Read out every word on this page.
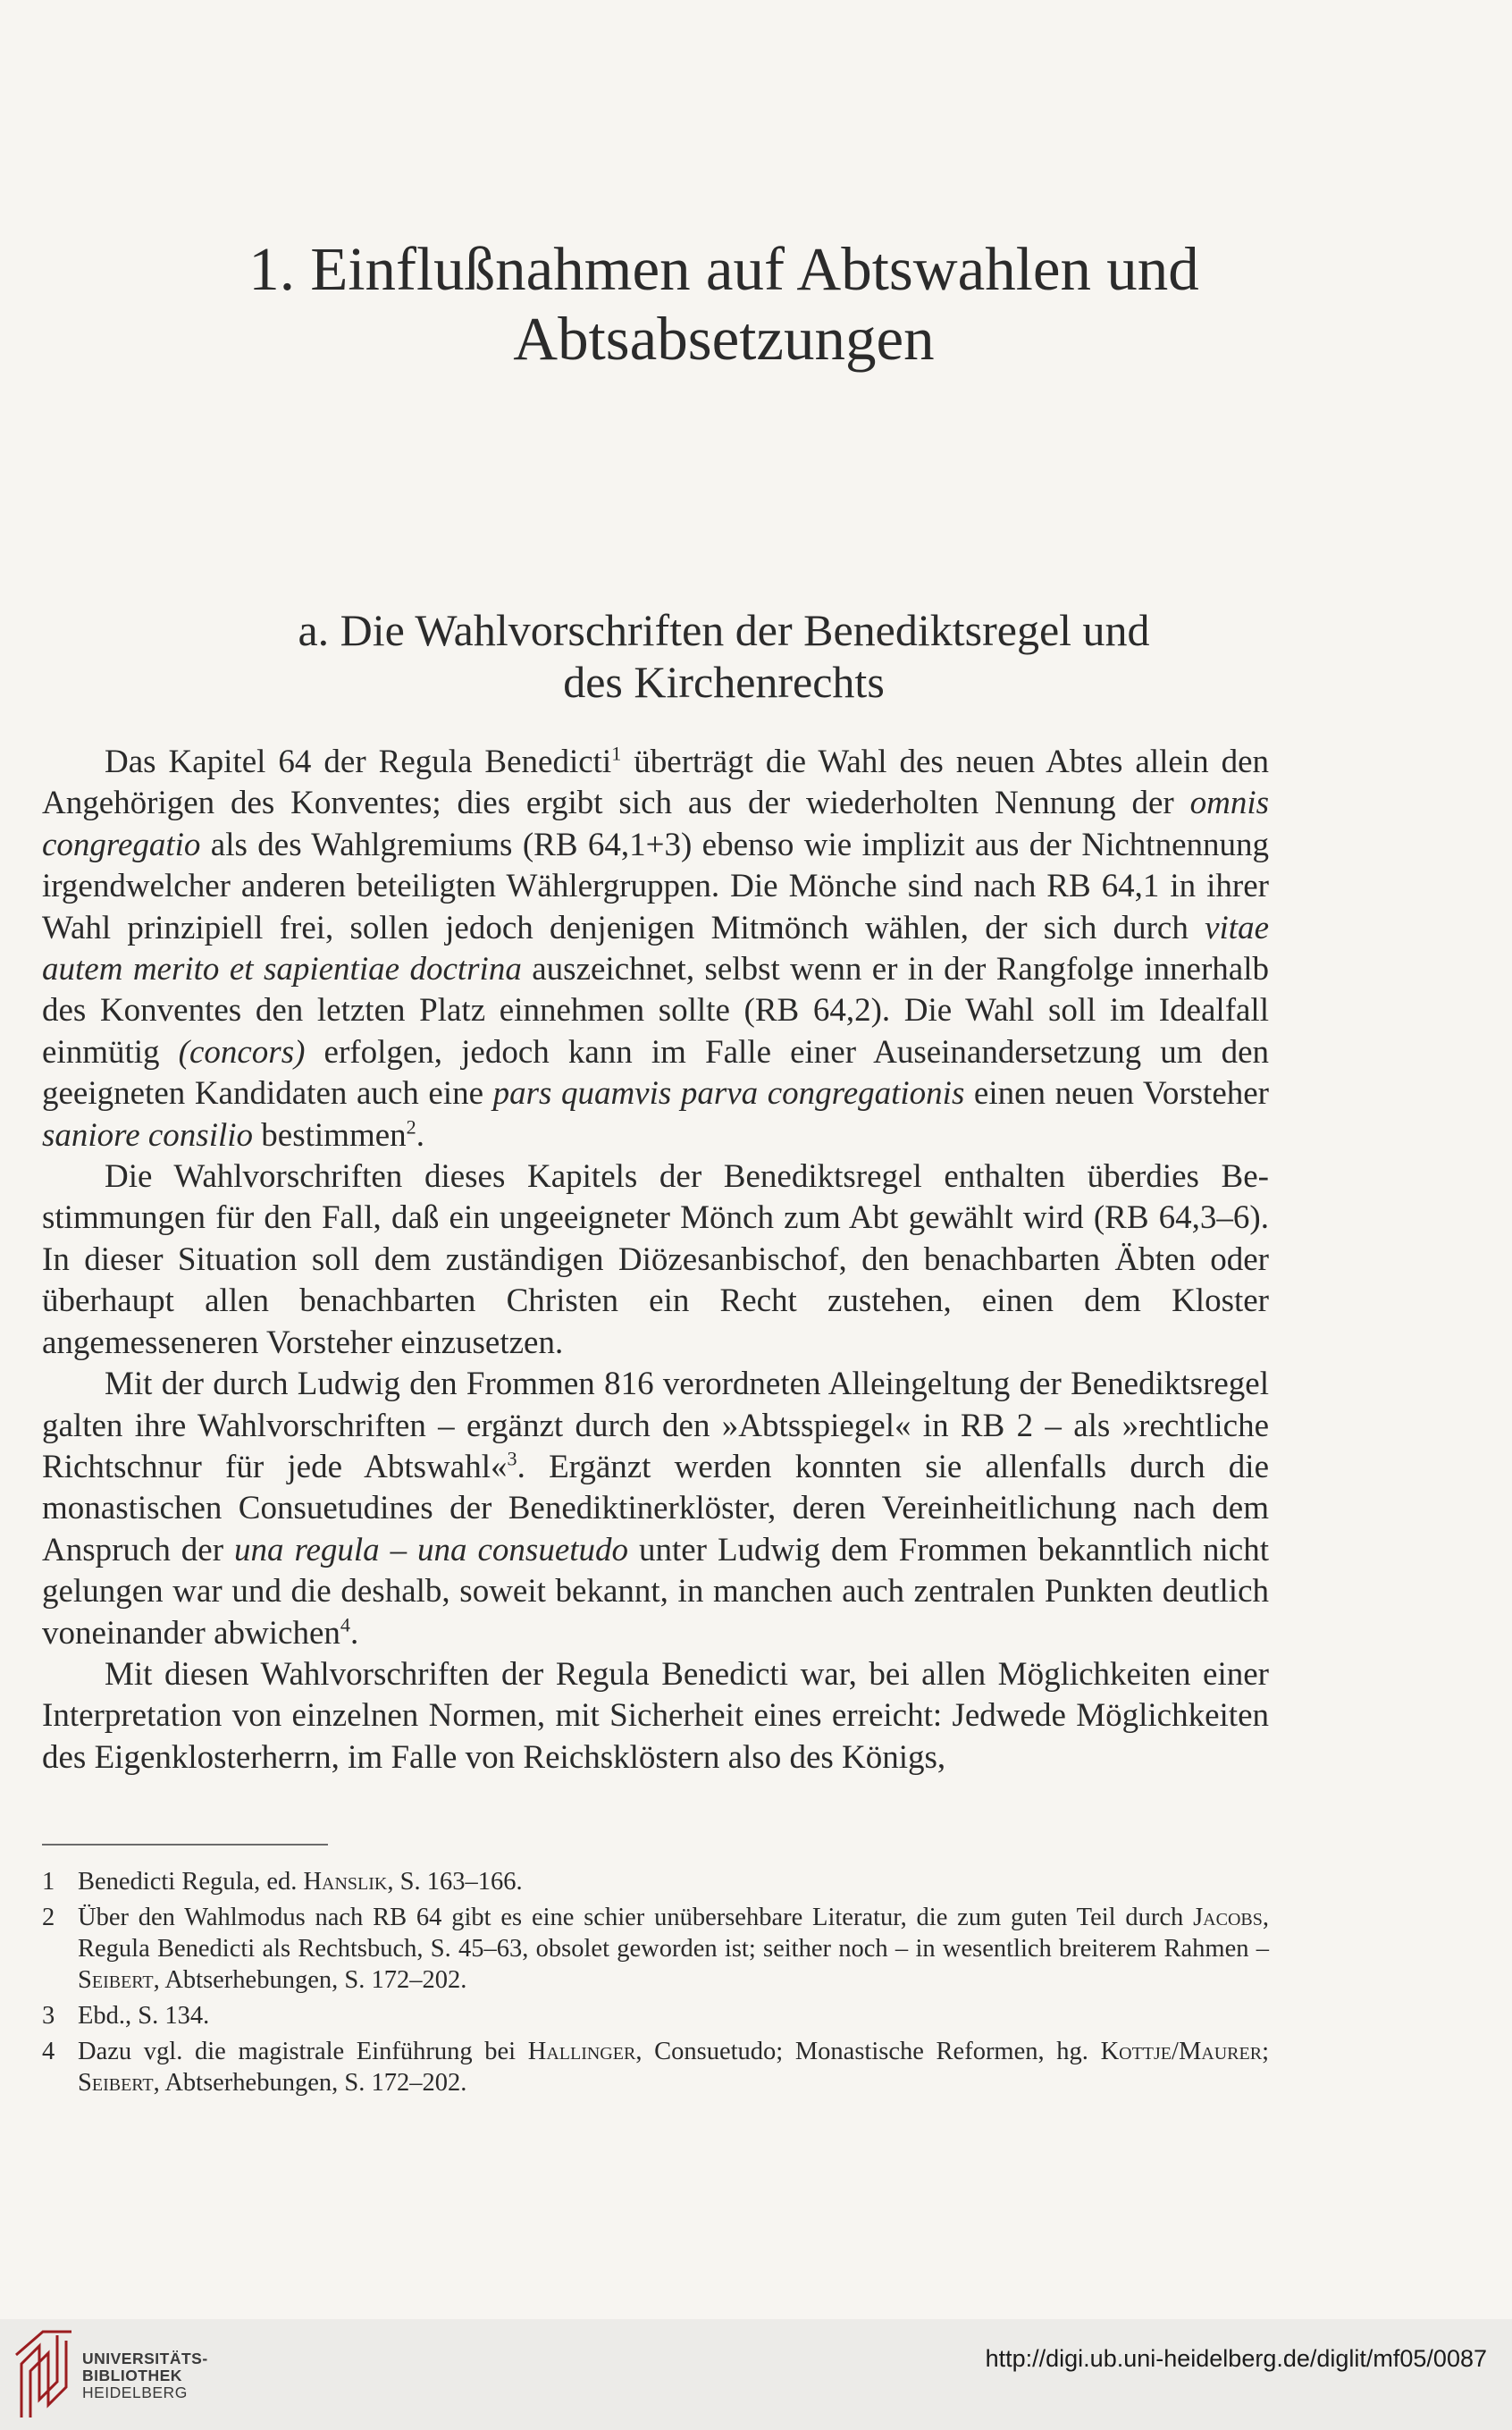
1. Einflußnahmen auf Abtswahlen und
Abtsabsetzungen
a. Die Wahlvorschriften der Benediktsregel und
des Kirchenrechts

Das Kapitel 64 der Regula Benedicti$^1$ überträgt die Wahl des neuen Abtes allein den Angehörigen des Konventes; dies ergibt sich aus der wiederholten Nennung der omnis congregatio als des Wahlgremiums (RB 64,1+3) ebenso wie implizit aus der Nichtnennung irgendwelcher anderen beteiligten Wählergruppen. Die Mönche sind nach RB 64,1 in ihrer Wahl prinzipiell frei, sollen jedoch denjenigen Mitmönch wählen, der sich durch vitae autem merito et sapientiae doctrina auszeichnet, selbst wenn er in der Rangfolge innerhalb des Konventes den letzten Platz einnehmen sollte (RB 64,2). Die Wahl soll im Idealfall einmütig (concors) erfolgen, jedoch kann im Falle einer Auseinandersetzung um den geeigneten Kandidaten auch eine pars quamvis parva congregationis einen neuen Vorsteher saniore consilio bestimmen$^2$.

Die Wahlvorschriften dieses Kapitels der Benediktsregel enthalten überdies Bestimmungen für den Fall, daß ein ungeeigneter Mönch zum Abt gewählt wird (RB 64,3–6). In dieser Situation soll dem zuständigen Diözesanbischof, den benachbarten Äbten oder überhaupt allen benachbarten Christen ein Recht zustehen, einen dem Kloster angemesseneren Vorsteher einzusetzen.

Mit der durch Ludwig den Frommen 816 verordneten Alleingeltung der Benediktsregel galten ihre Wahlvorschriften – ergänzt durch den »Abtsspiegel« in RB 2 – als »rechtliche Richtschnur für jede Abtswahl«$^3$. Ergänzt werden konnten sie allenfalls durch die monastischen Consuetudines der Benediktinerklöster, deren Vereinheitlichung nach dem Anspruch der una regula – una consuetudo unter Ludwig dem Frommen bekanntlich nicht gelungen war und die deshalb, soweit bekannt, in manchen auch zentralen Punkten deutlich voneinander abwichen$^4$.

Mit diesen Wahlvorschriften der Regula Benedicti war, bei allen Möglichkeiten einer Interpretation von einzelnen Normen, mit Sicherheit eines erreicht: Jedwede Möglichkeiten des Eigenklosterherrn, im Falle von Reichsklöstern also des Königs,

1 Benedicti Regula, ed. Hanslik, S. 163–166.
2 Über den Wahlmodus nach RB 64 gibt es eine schier unübersehbare Literatur, die zum guten Teil durch Jacobs, Regula Benedicti als Rechtsbuch, S. 45–63, obsolet geworden ist; seither noch – in wesentlich breiterem Rahmen – Seibert, Abtserhebungen, S. 172–202.
3 Ebd., S. 134.
4 Dazu vgl. die magistrale Einführung bei Hallinger, Consuetudo; Monastische Reformen, hg. Kottje/Maurer; Seibert, Abtserhebungen, S. 172–202.
UNIVERSITÄTS-
BIBLIOTHEK
HEIDELBERG
http://digi.ub.uni-heidelberg.de/diglit/mf05/0087
